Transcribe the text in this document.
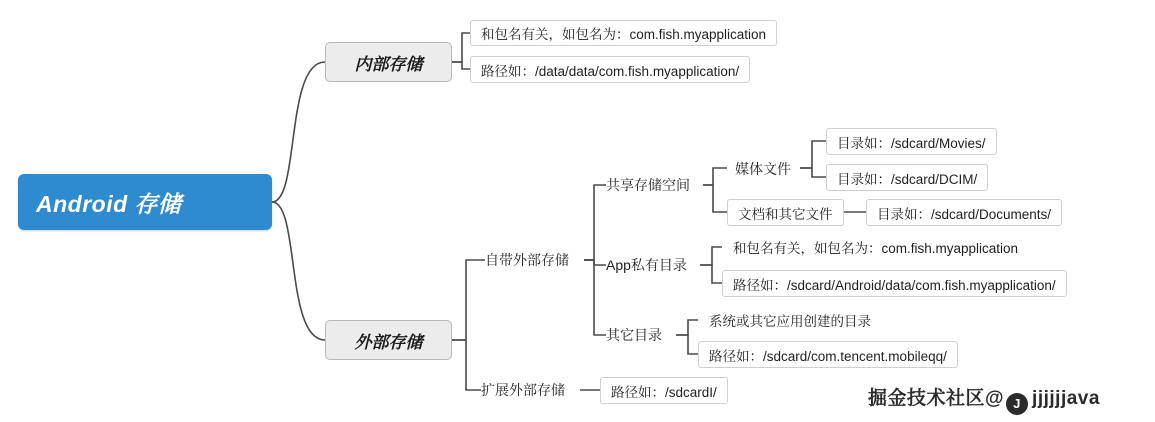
Android 存储
内部存储
外部存储
和包名有关，如包名为：com.fish.myapplication
路径如：/data/data/com.fish.myapplication/
自带外部存储
扩展外部存储
共享存储空间
App私有目录
其它目录
媒体文件
文档和其它文件	目录如：/sdcard/Documents/
目录如：/sdcard/Movies/
目录如：/sdcard/DCIM/
和包名有关，如包名为：com.fish.myapplication
路径如：/sdcard/Android/data/com.fish.myapplication/
系统或其它应用创建的目录
路径如：/sdcard/com.tencent.mobileqq/
路径如：/sdcardI/	掘金技术社区@ J jjjjjjava
